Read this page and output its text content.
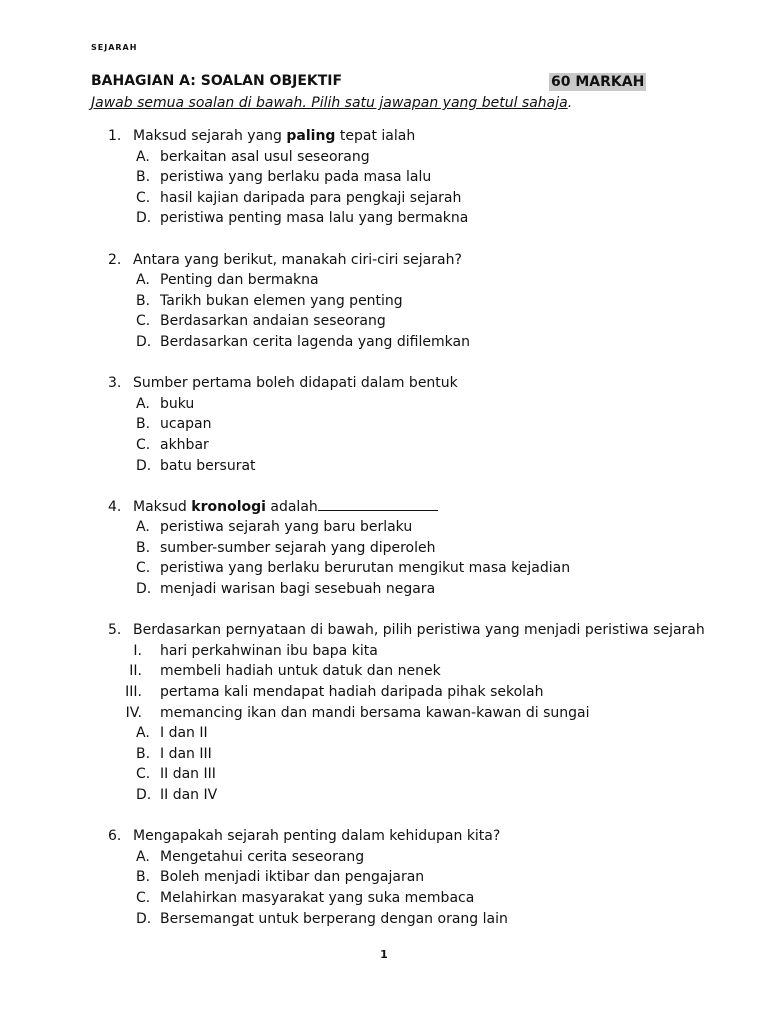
SEJARAH
BAHAGIAN A: SOALAN OBJEKTIF	60 MARKAH
Jawab semua soalan di bawah. Pilih satu jawapan yang betul sahaja.
1. Maksud sejarah yang paling tepat ialah
A. berkaitan asal usul seseorang
B. peristiwa yang berlaku pada masa lalu
C. hasil kajian daripada para pengkaji sejarah
D. peristiwa penting masa lalu yang bermakna
2. Antara yang berikut, manakah ciri-ciri sejarah?
A. Penting dan bermakna
B. Tarikh bukan elemen yang penting
C. Berdasarkan andaian seseorang
D. Berdasarkan cerita lagenda yang difilemkan
3. Sumber pertama boleh didapati dalam bentuk
A. buku
B. ucapan
C. akhbar
D. batu bersurat
4. Maksud kronologi adalah
A. peristiwa sejarah yang baru berlaku
B. sumber-sumber sejarah yang diperoleh
C. peristiwa yang berlaku berurutan mengikut masa kejadian
D. menjadi warisan bagi sesebuah negara
5. Berdasarkan pernyataan di bawah, pilih peristiwa yang menjadi peristiwa sejarah
I. hari perkahwinan ibu bapa kita
II. membeli hadiah untuk datuk dan nenek
III. pertama kali mendapat hadiah daripada pihak sekolah
IV. memancing ikan dan mandi bersama kawan-kawan di sungai
A. I dan II
B. I dan III
C. II dan III
D. II dan IV
6. Mengapakah sejarah penting dalam kehidupan kita?
A. Mengetahui cerita seseorang
B. Boleh menjadi iktibar dan pengajaran
C. Melahirkan masyarakat yang suka membaca
D. Bersemangat untuk berperang dengan orang lain
1
